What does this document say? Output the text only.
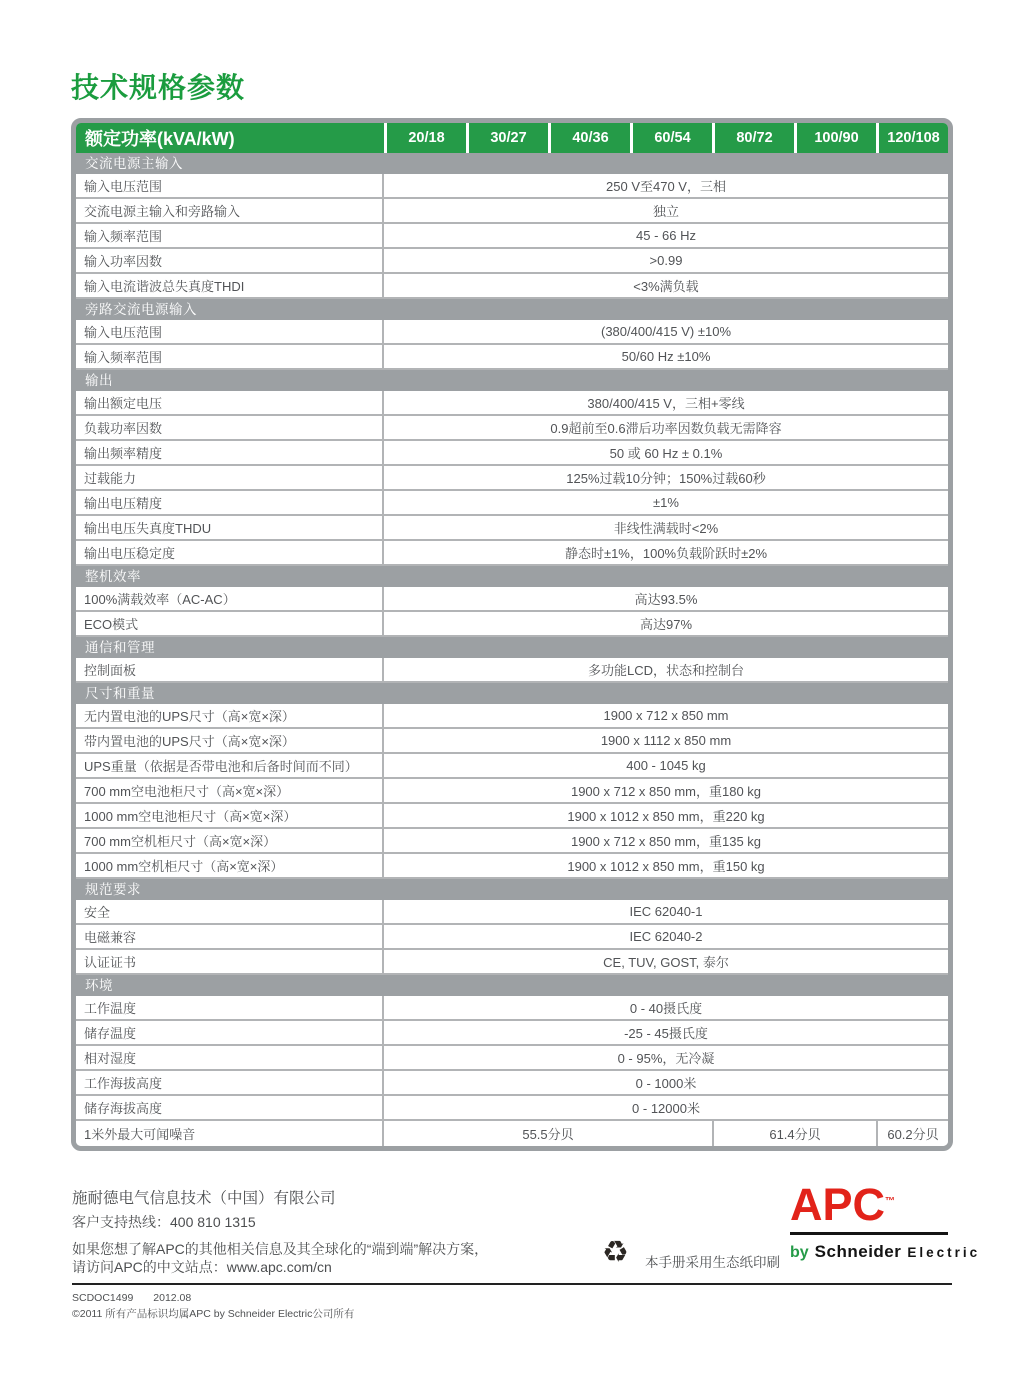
技术规格参数
额定功率(kVA/kW)	20/18	30/27	40/36	60/54	80/72	100/90	120/108
交流电源主输入
输入电压范围	250 V至470 V，三相
交流电源主输入和旁路输入	独立
输入频率范围	45 - 66 Hz
输入功率因数	>0.99
输入电流谐波总失真度THDI	<3%满负载
旁路交流电源输入
输入电压范围	(380/400/415 V) ±10%
输入频率范围	50/60 Hz ±10%
输出
输出额定电压	380/400/415 V，三相+零线
负载功率因数	0.9超前至0.6滞后功率因数负载无需降容
输出频率精度	50 或 60 Hz ± 0.1%
过载能力	125%过载10分钟；150%过载60秒
输出电压精度	±1%
输出电压失真度THDU	非线性满载时<2%
输出电压稳定度	静态时±1%，100%负载阶跃时±2%
整机效率
100%满载效率（AC-AC）	高达93.5%
ECO模式	高达97%
通信和管理
控制面板	多功能LCD，状态和控制台
尺寸和重量
无内置电池的UPS尺寸（高×宽×深）	1900 x 712 x 850 mm
带内置电池的UPS尺寸（高×宽×深）	1900 x 1112 x 850 mm
UPS重量（依据是否带电池和后备时间而不同）	400 - 1045 kg
700 mm空电池柜尺寸（高×宽×深）	1900 x 712 x 850 mm，重180 kg
1000 mm空电池柜尺寸（高×宽×深）	1900 x 1012 x 850 mm，重220 kg
700 mm空机柜尺寸（高×宽×深）	1900 x 712 x 850 mm，重135 kg
1000 mm空机柜尺寸（高×宽×深）	1900 x 1012 x 850 mm，重150 kg
规范要求
安全	IEC 62040-1
电磁兼容	IEC 62040-2
认证证书	CE, TUV, GOST, 泰尔
环境
工作温度	0 - 40摄氏度
储存温度	-25 - 45摄氏度
相对湿度	0 - 95%，无冷凝
工作海拔高度	0 - 1000米
储存海拔高度	0 - 12000米
1米外最大可闻噪音	55.5分贝	61.4分贝	60.2分贝
施耐德电气信息技术（中国）有限公司
客户支持热线：400 810 1315
如果您想了解APC的其他相关信息及其全球化的“端到端”解决方案，
请访问APC的中文站点：www.apc.com/cn	♻ 本手册采用生态纸印刷
APC™
by Schneider Electric
SCDOC1499 2012.08
©2011 所有产品标识均属APC by Schneider Electric公司所有
